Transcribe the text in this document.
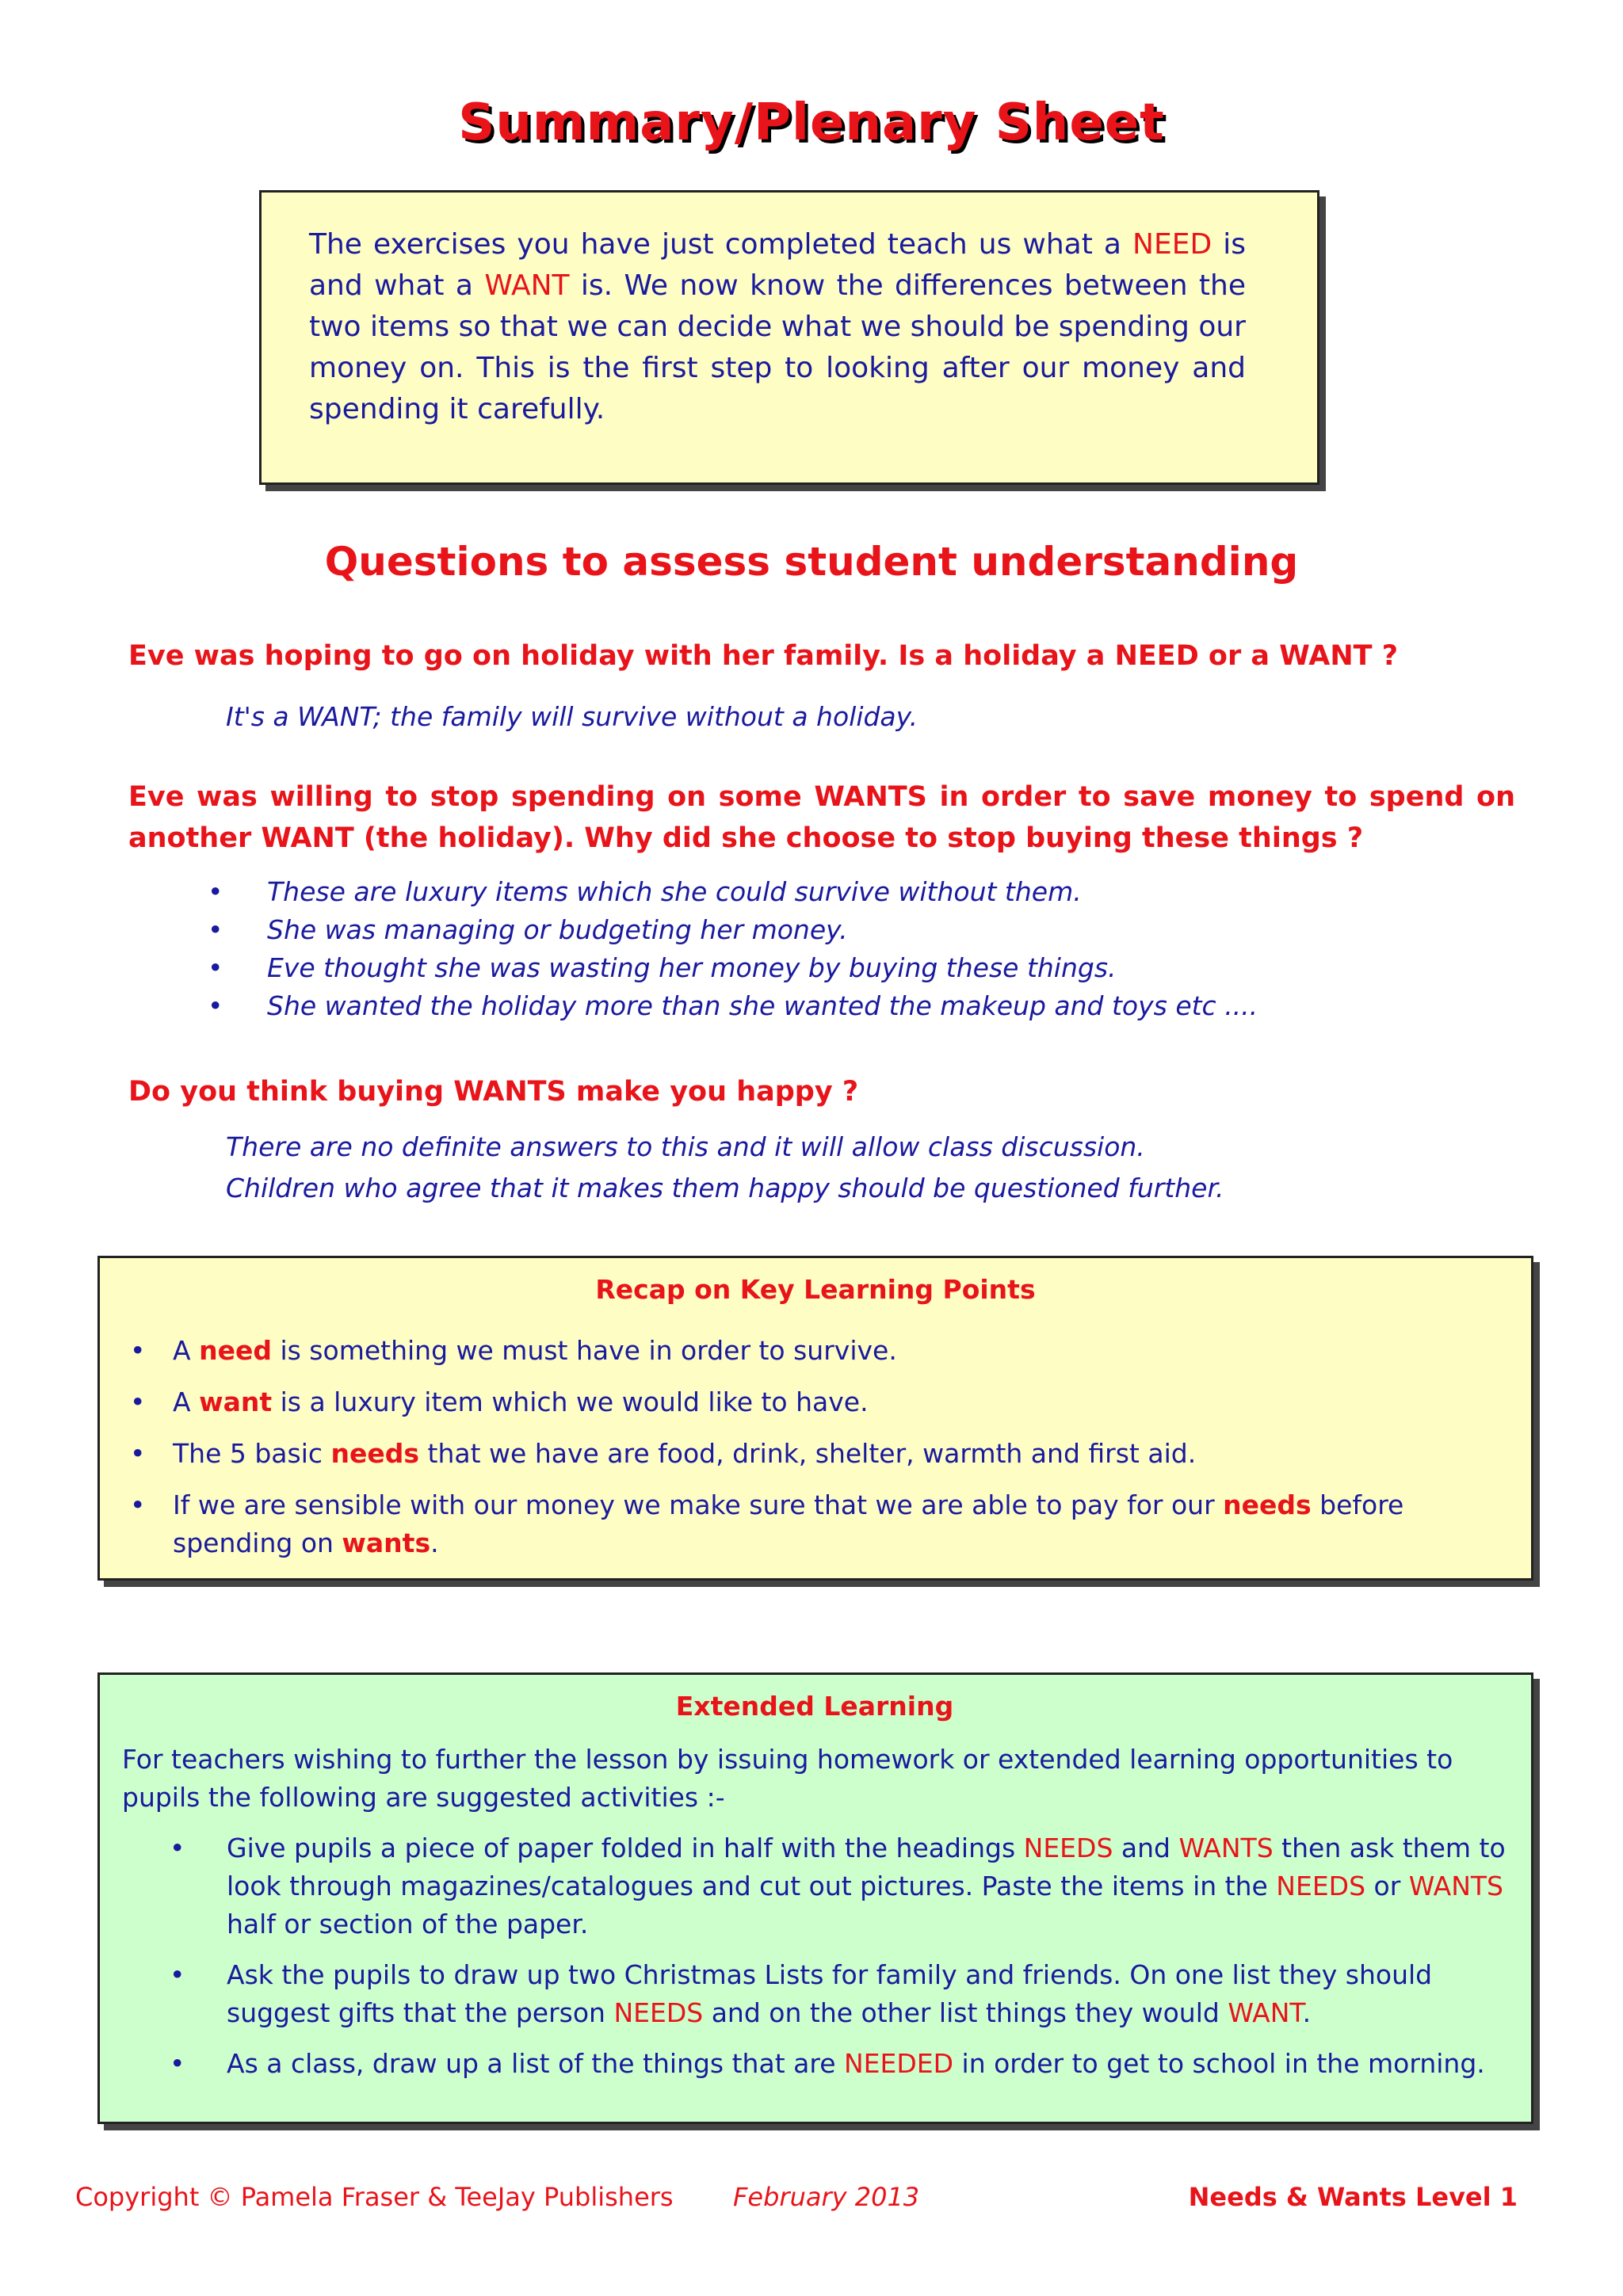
Summary/Plenary Sheet
The exercises you have just completed teach us what a NEED is and what a WANT is. We now know the differences between the two items so that we can decide what we should be spending our money on. This is the first step to looking after our money and spending it carefully.
Questions to assess student understanding
Eve was hoping to go on holiday with her family. Is a holiday a NEED or a WANT ?
It's a WANT; the family will survive without a holiday.
Eve was willing to stop spending on some WANTS in order to save money to spend on another WANT (the holiday). Why did she choose to stop buying these things ?
• These are luxury items which she could survive without them.
• She was managing or budgeting her money.
• Eve thought she was wasting her money by buying these things.
• She wanted the holiday more than she wanted the makeup and toys etc ....
Do you think buying WANTS make you happy ?
There are no definite answers to this and it will allow class discussion.
Children who agree that it makes them happy should be questioned further.
Recap on Key Learning Points
• A need is something we must have in order to survive.
• A want is a luxury item which we would like to have.
• The 5 basic needs that we have are food, drink, shelter, warmth and first aid.
• If we are sensible with our money we make sure that we are able to pay for our needs before spending on wants.
Extended Learning
For teachers wishing to further the lesson by issuing homework or extended learning opportunities to pupils the following are suggested activities :-
• Give pupils a piece of paper folded in half with the headings NEEDS and WANTS then ask them to look through magazines/catalogues and cut out pictures. Paste the items in the NEEDS or WANTS half or section of the paper.
• Ask the pupils to draw up two Christmas Lists for family and friends. On one list they should suggest gifts that the person NEEDS and on the other list things they would WANT.
• As a class, draw up a list of the things that are NEEDED in order to get to school in the morning.
Copyright © Pamela Fraser & TeeJay Publishers February 2013	Needs & Wants Level 1
